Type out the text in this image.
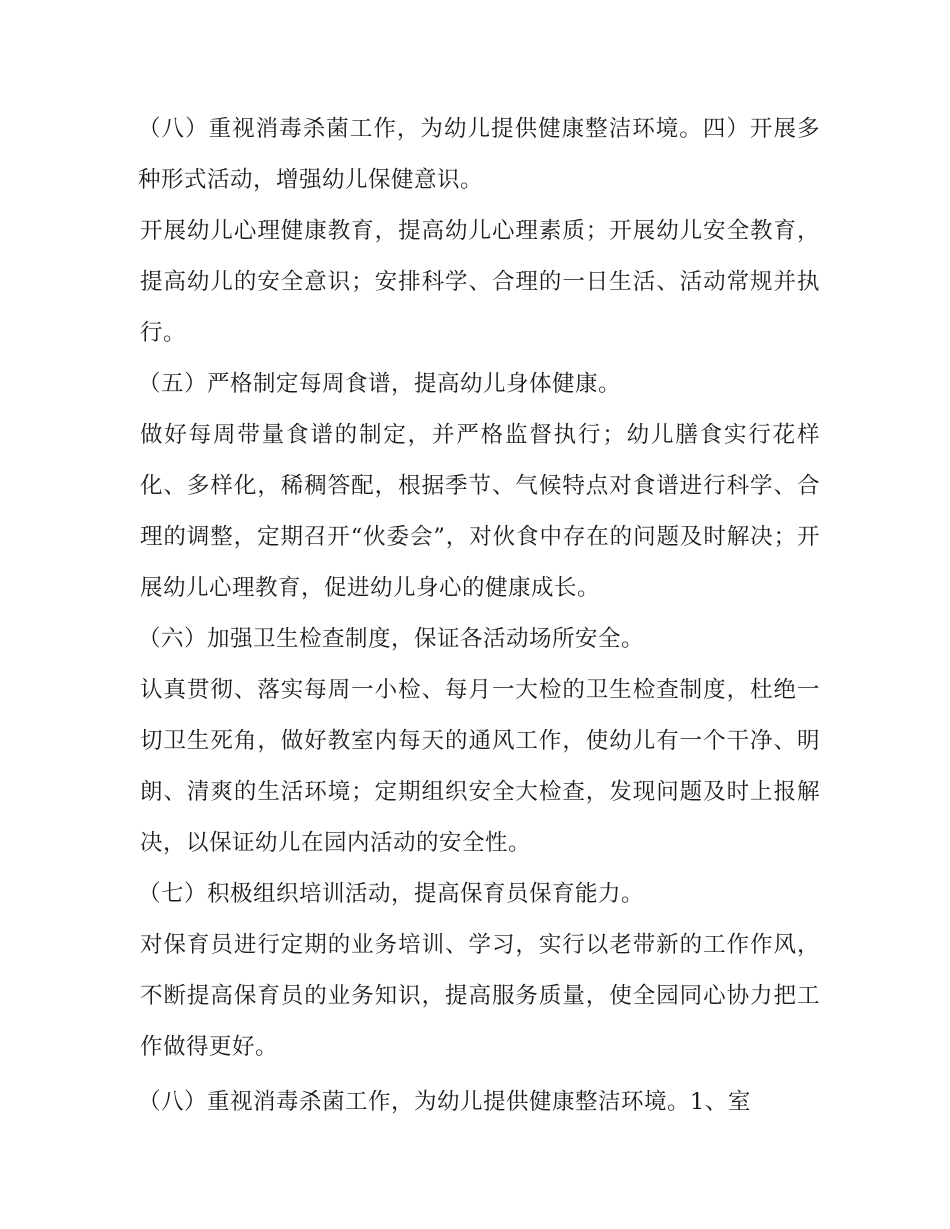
（八）重视消毒杀菌工作，为幼儿提供健康整洁环境。四）开展多种形式活动，增强幼儿保健意识。

开展幼儿心理健康教育，提高幼儿心理素质；开展幼儿安全教育，提高幼儿的安全意识；安排科学、合理的一日生活、活动常规并执行。

（五）严格制定每周食谱，提高幼儿身体健康。

做好每周带量食谱的制定，并严格监督执行；幼儿膳食实行花样化、多样化，稀稠答配，根据季节、气候特点对食谱进行科学、合理的调整，定期召开“伙委会”，对伙食中存在的问题及时解决；开展幼儿心理教育，促进幼儿身心的健康成长。

（六）加强卫生检查制度，保证各活动场所安全。

认真贯彻、落实每周一小检、每月一大检的卫生检查制度，杜绝一切卫生死角，做好教室内每天的通风工作，使幼儿有一个干净、明朗、清爽的生活环境；定期组织安全大检查，发现问题及时上报解决，以保证幼儿在园内活动的安全性。

（七）积极组织培训活动，提高保育员保育能力。

对保育员进行定期的业务培训、学习，实行以老带新的工作作风，不断提高保育员的业务知识，提高服务质量，使全园同心协力把工作做得更好。

（八）重视消毒杀菌工作，为幼儿提供健康整洁环境。1、室
